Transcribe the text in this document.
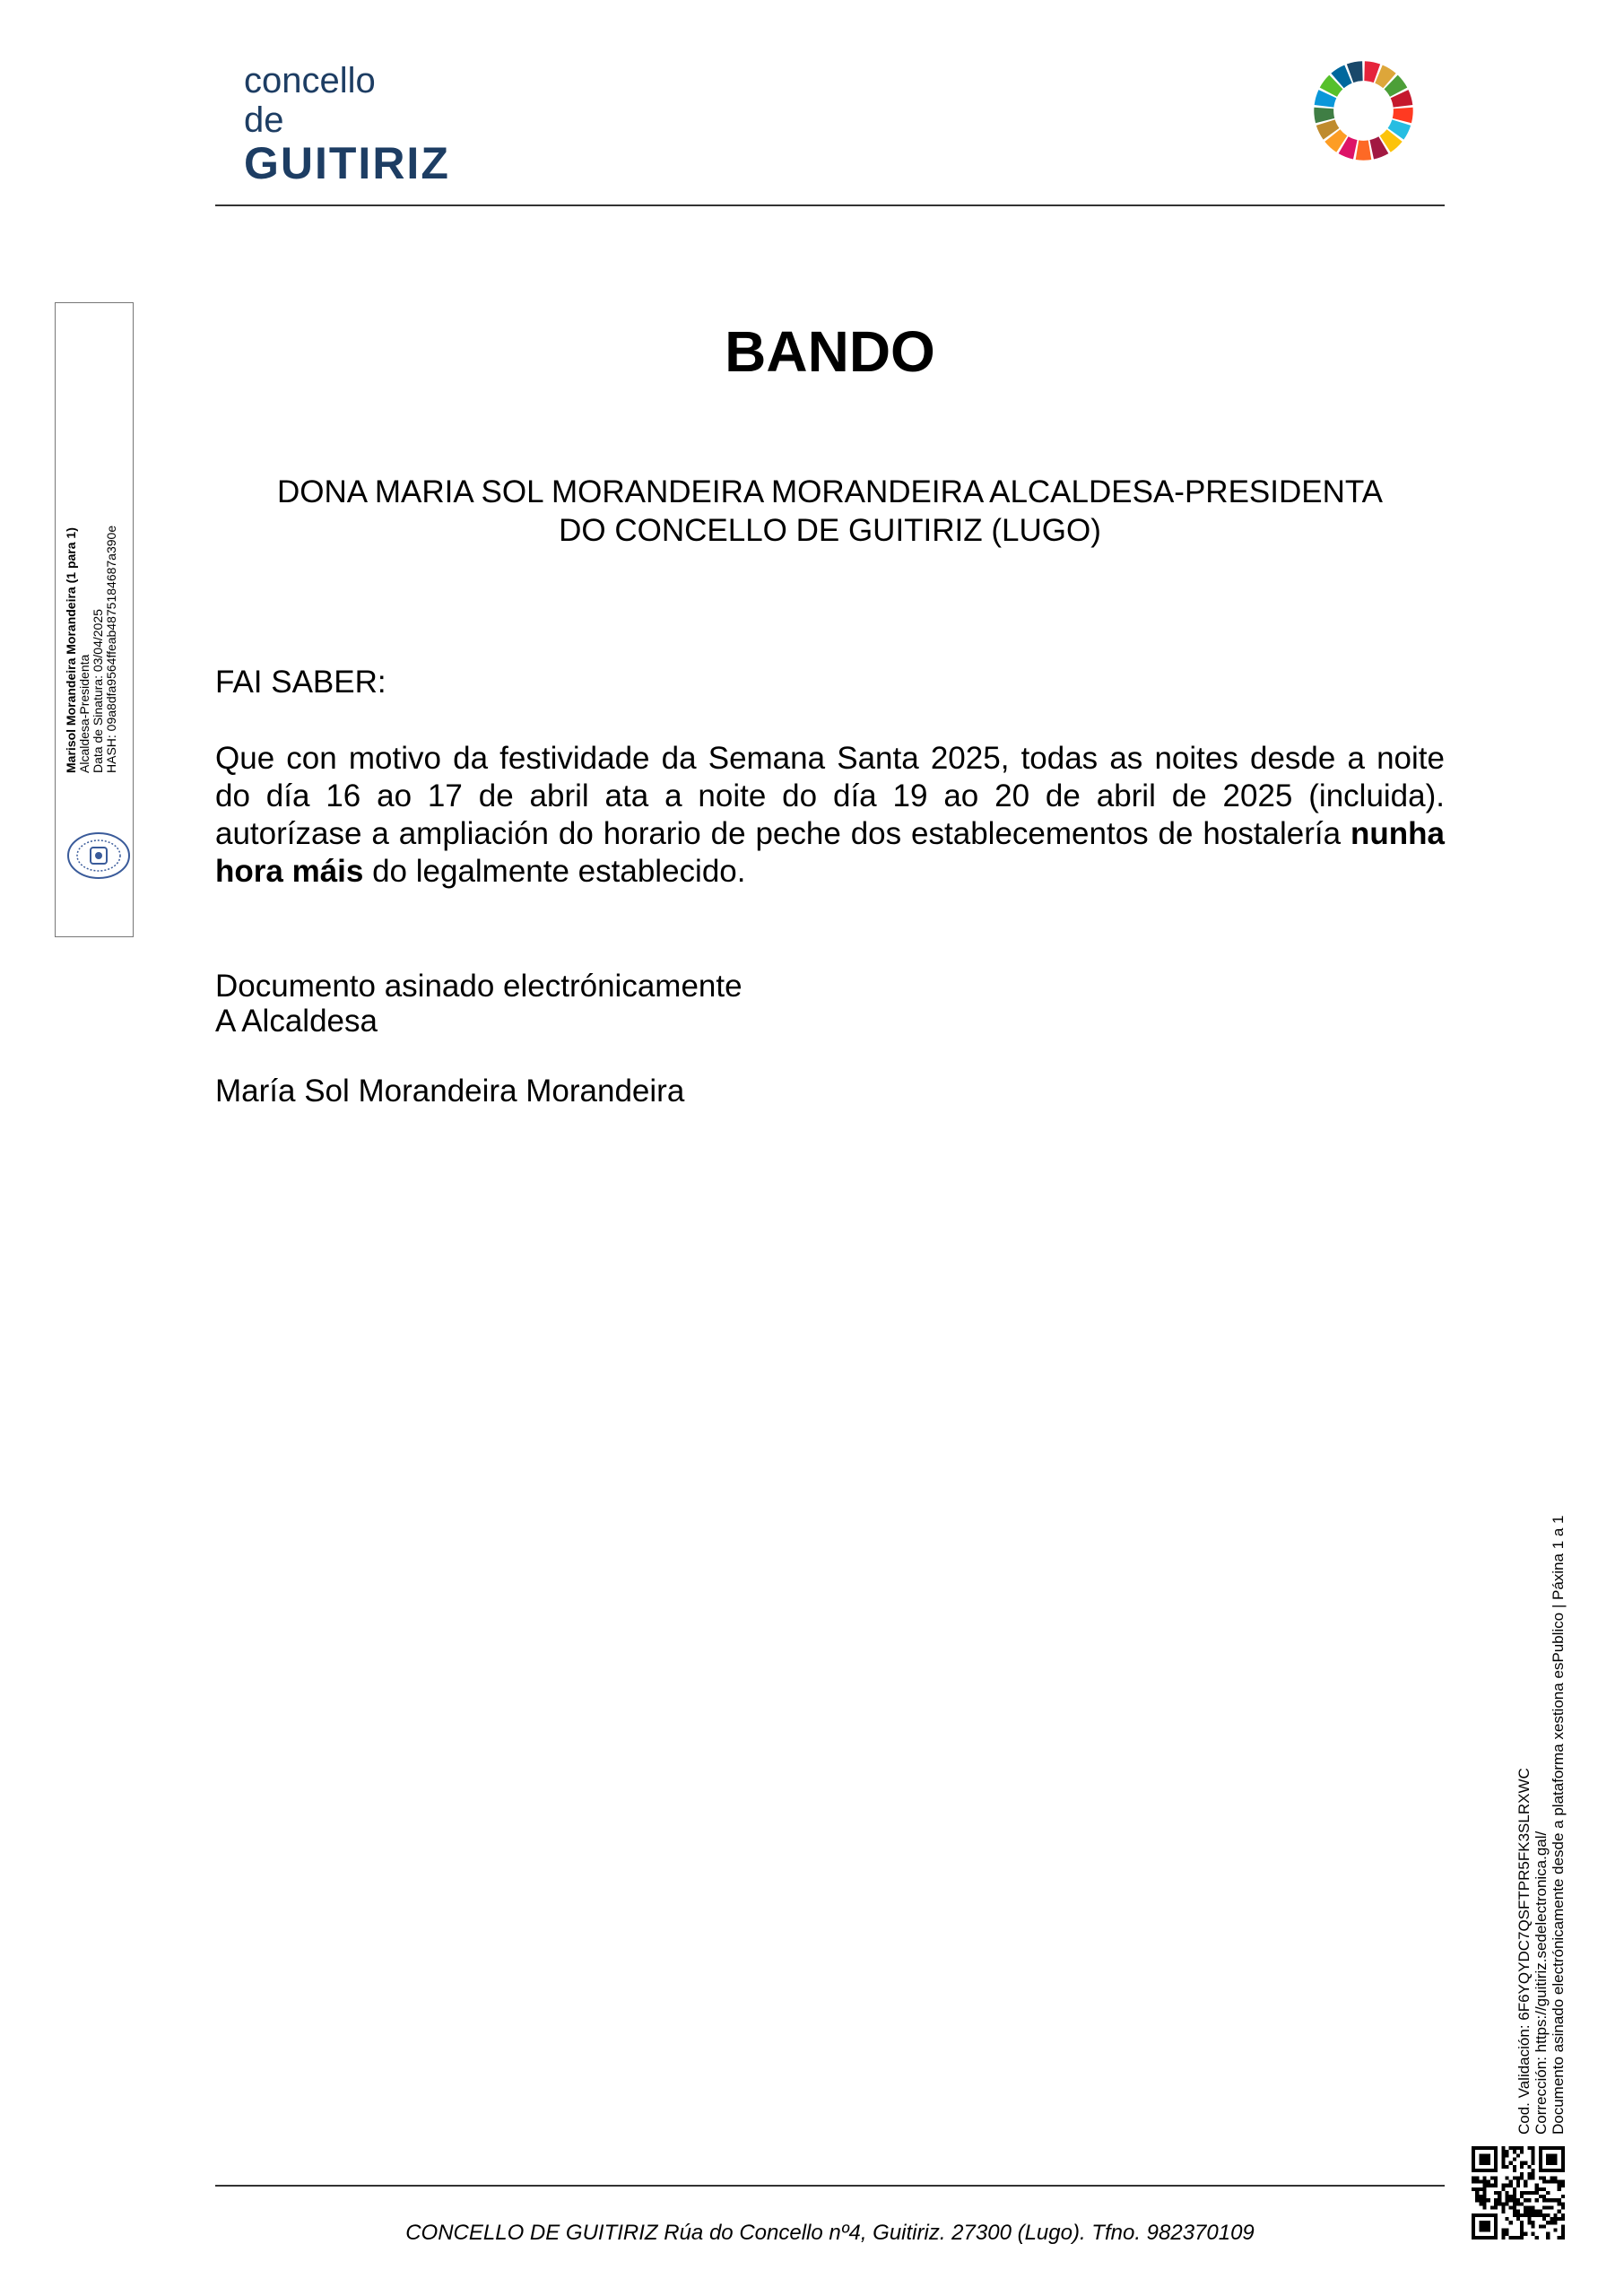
concello de
GUITIRIZ
Marisol Morandeira Morandeira (1 para 1) Alcaldesa-Presidenta Data de Sinatura: 03/04/2025 HASH: 09a8dfa9564ffeab4875184687a390e
BANDO
DONA MARIA SOL MORANDEIRA MORANDEIRA ALCALDESA-PRESIDENTA
DO CONCELLO DE GUITIRIZ (LUGO)
FAI SABER:
Que con motivo da festividade da Semana Santa 2025, todas as noites desde a noite do día 16 ao 17 de abril ata a noite do día 19 ao 20 de abril de 2025 (incluida). autorízase a ampliación do horario de peche dos establecementos de hostalería nunha hora máis do legalmente establecido.
Documento asinado electrónicamente
A Alcaldesa
María Sol Morandeira Morandeira
Cod. Validación: 6F6YQYDC7QSFTPR5FK3SLRXWC Corrección: https://guitiriz.sedelectronica.gal/ Documento asinado electrónicamente desde a plataforma xestiona esPublico | Páxina 1 a 1
CONCELLO DE GUITIRIZ Rúa do Concello nº4, Guitiriz. 27300 (Lugo). Tfno. 982370109
